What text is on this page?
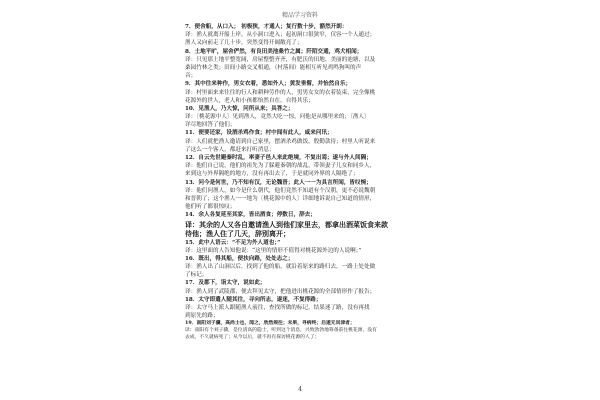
精品学习资料
7．便舍船，从口入； 初极狭，才通人；复行数十步，豁然开朗：
译：渔人就离开船上岸，从小洞口进入；起初洞口很狭窄，仅容一个人通过；
渔人又向前走了几十步，突然变得开阔敞亮了；
8．土地平旷，屋舍俨然，有良田美池桑竹之属；阡陌交通，鸡犬相闻；
译：只见那土地平整宽阔，房屋整整齐齐，有肥沃的田地、美丽的池塘，以及
桑园竹林之类；田间小路交叉相通，（村落间）能相互听见鸡鸣狗叫的声
音；
9．其中往来种作，男女衣着，悉如外人；黄发垂髫，并怡然自乐；
译：村里面来来往往的行人和耕种劳作的人，男男女女的衣着装束，完全像桃
花源外的世人，老人和小孩都怡然自在，自得其乐；
10．见渔人，乃大惊，问所从来；具答之；
译：〔桃花源中人〕见到渔人，竟然大吃一惊，问他是从哪里来的；〔渔人〕
详尽地回答了他们；
11．便要还家，设酒杀鸡作食；村中闻有此人，咸来问讯；
译：人们就把渔人邀请到自己家里，摆酒杀鸡做饭，殷勤款待；村里人听说来
了这么一个客人，都赶来打听消息；
12．自云先世避秦时乱，率妻子邑人来此绝境，不复出焉；遂与外人间隔；
译：他们自己说，他们的祖先为了躲避秦朝的战乱，带领妻子儿女和同乡人，
来到这与外界隔绝的地方，没有再出去了，于是就同外界的人隔绝了；
13．问今是何世，乃不知有汉，无论魏晋；此人一一为具言所闻，皆叹惋；
译：他们问渔人，如今是什么朝代，他们竟然不知道有个汉朝，更不必说魏朝
和晋朝了；这个渔人一一地为〔桃花源中的人〕详细地诉说自己知道的情形，
他们听了都很惊叹；
14．余人各复延至其家，皆出酒食；停数日，辞去；
译：其余的人又各自邀请渔人到他们家里去，都拿出酒菜饭食来款
待他；渔人住了几天，辞别离开；
15．此中人语云：“不足为外人道也；”
译：这里面的人告知他说：“这里的情形不值得对桃花源外边的人说啊；”
16．既出，得其船，便扶向路，处处志之；
译：渔人出了山洞以后，找到了他的船，就沿着原来的路归去，一路上处处做
了标记；
17．及郡下，诣太守，说如此；
译：渔人到了武陵郡，便去拜见太守，把他进出桃花源的全部情形作了报告；
18．太守即遣人随其往，寻向所志，遂迷，不复得路；
译：太守马上派人跟随渔人前往，查找所做的标记，结果迷了路，没有再找
到原先的路；
19．南阳刘子骥，高尚士也，闻之，欣然规往；未果，寻病终；后遂无问津者；
译：南阳有个刘子骥，是位清高的隐士，听到这个消息，兴致勃勃地筹备前往桃花源，没有
去成，不久就病死了；从今以后，就不再有探访桃花源的人了；
4
